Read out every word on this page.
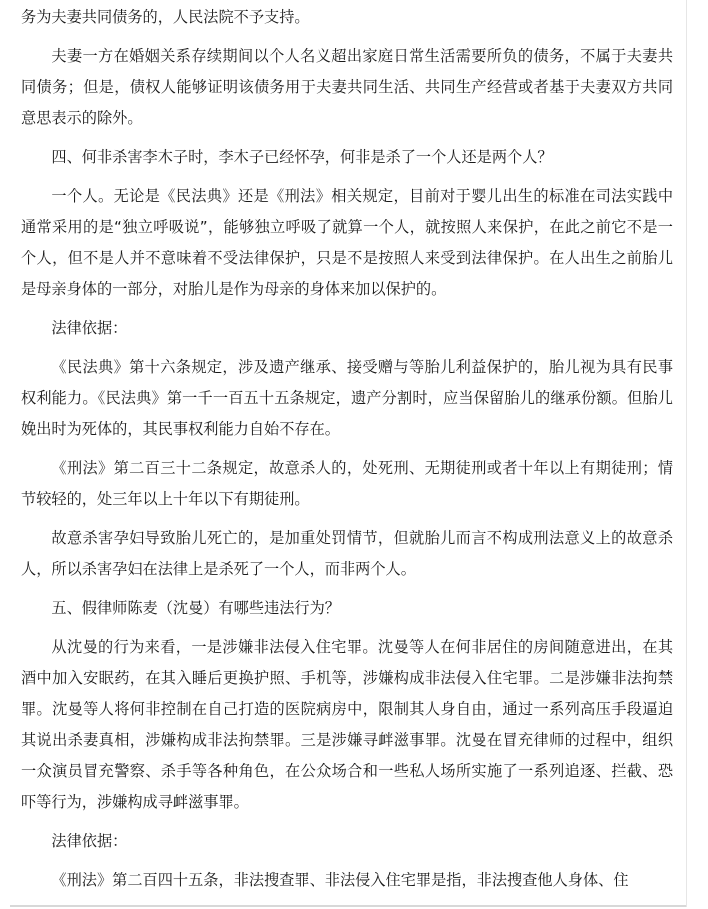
务为夫妻共同债务的，人民法院不予支持。

夫妻一方在婚姻关系存续期间以个人名义超出家庭日常生活需要所负的债务，不属于夫妻共同债务；但是，债权人能够证明该债务用于夫妻共同生活、共同生产经营或者基于夫妻双方共同意思表示的除外。

四、何非杀害李木子时，李木子已经怀孕，何非是杀了一个人还是两个人？

一个人。无论是《民法典》还是《刑法》相关规定，目前对于婴儿出生的标准在司法实践中通常采用的是“独立呼吸说”，能够独立呼吸了就算一个人，就按照人来保护，在此之前它不是一个人，但不是人并不意味着不受法律保护，只是不是按照人来受到法律保护。在人出生之前胎儿是母亲身体的一部分，对胎儿是作为母亲的身体来加以保护的。

法律依据：

《民法典》第十六条规定，涉及遗产继承、接受赠与等胎儿利益保护的，胎儿视为具有民事权利能力。《民法典》第一千一百五十五条规定，遗产分割时，应当保留胎儿的继承份额。但胎儿娩出时为死体的，其民事权利能力自始不存在。

《刑法》第二百三十二条规定，故意杀人的，处死刑、无期徒刑或者十年以上有期徒刑；情节较轻的，处三年以上十年以下有期徒刑。

故意杀害孕妇导致胎儿死亡的，是加重处罚情节，但就胎儿而言不构成刑法意义上的故意杀人，所以杀害孕妇在法律上是杀死了一个人，而非两个人。

五、假律师陈麦（沈曼）有哪些违法行为？

从沈曼的行为来看，一是涉嫌非法侵入住宅罪。沈曼等人在何非居住的房间随意进出，在其酒中加入安眠药，在其入睡后更换护照、手机等，涉嫌构成非法侵入住宅罪。二是涉嫌非法拘禁罪。沈曼等人将何非控制在自己打造的医院病房中，限制其人身自由，通过一系列高压手段逼迫其说出杀妻真相，涉嫌构成非法拘禁罪。三是涉嫌寻衅滋事罪。沈曼在冒充律师的过程中，组织一众演员冒充警察、杀手等各种角色，在公众场合和一些私人场所实施了一系列追逐、拦截、恐吓等行为，涉嫌构成寻衅滋事罪。

法律依据：

《刑法》第二百四十五条，非法搜查罪、非法侵入住宅罪是指，非法搜查他人身体、住
